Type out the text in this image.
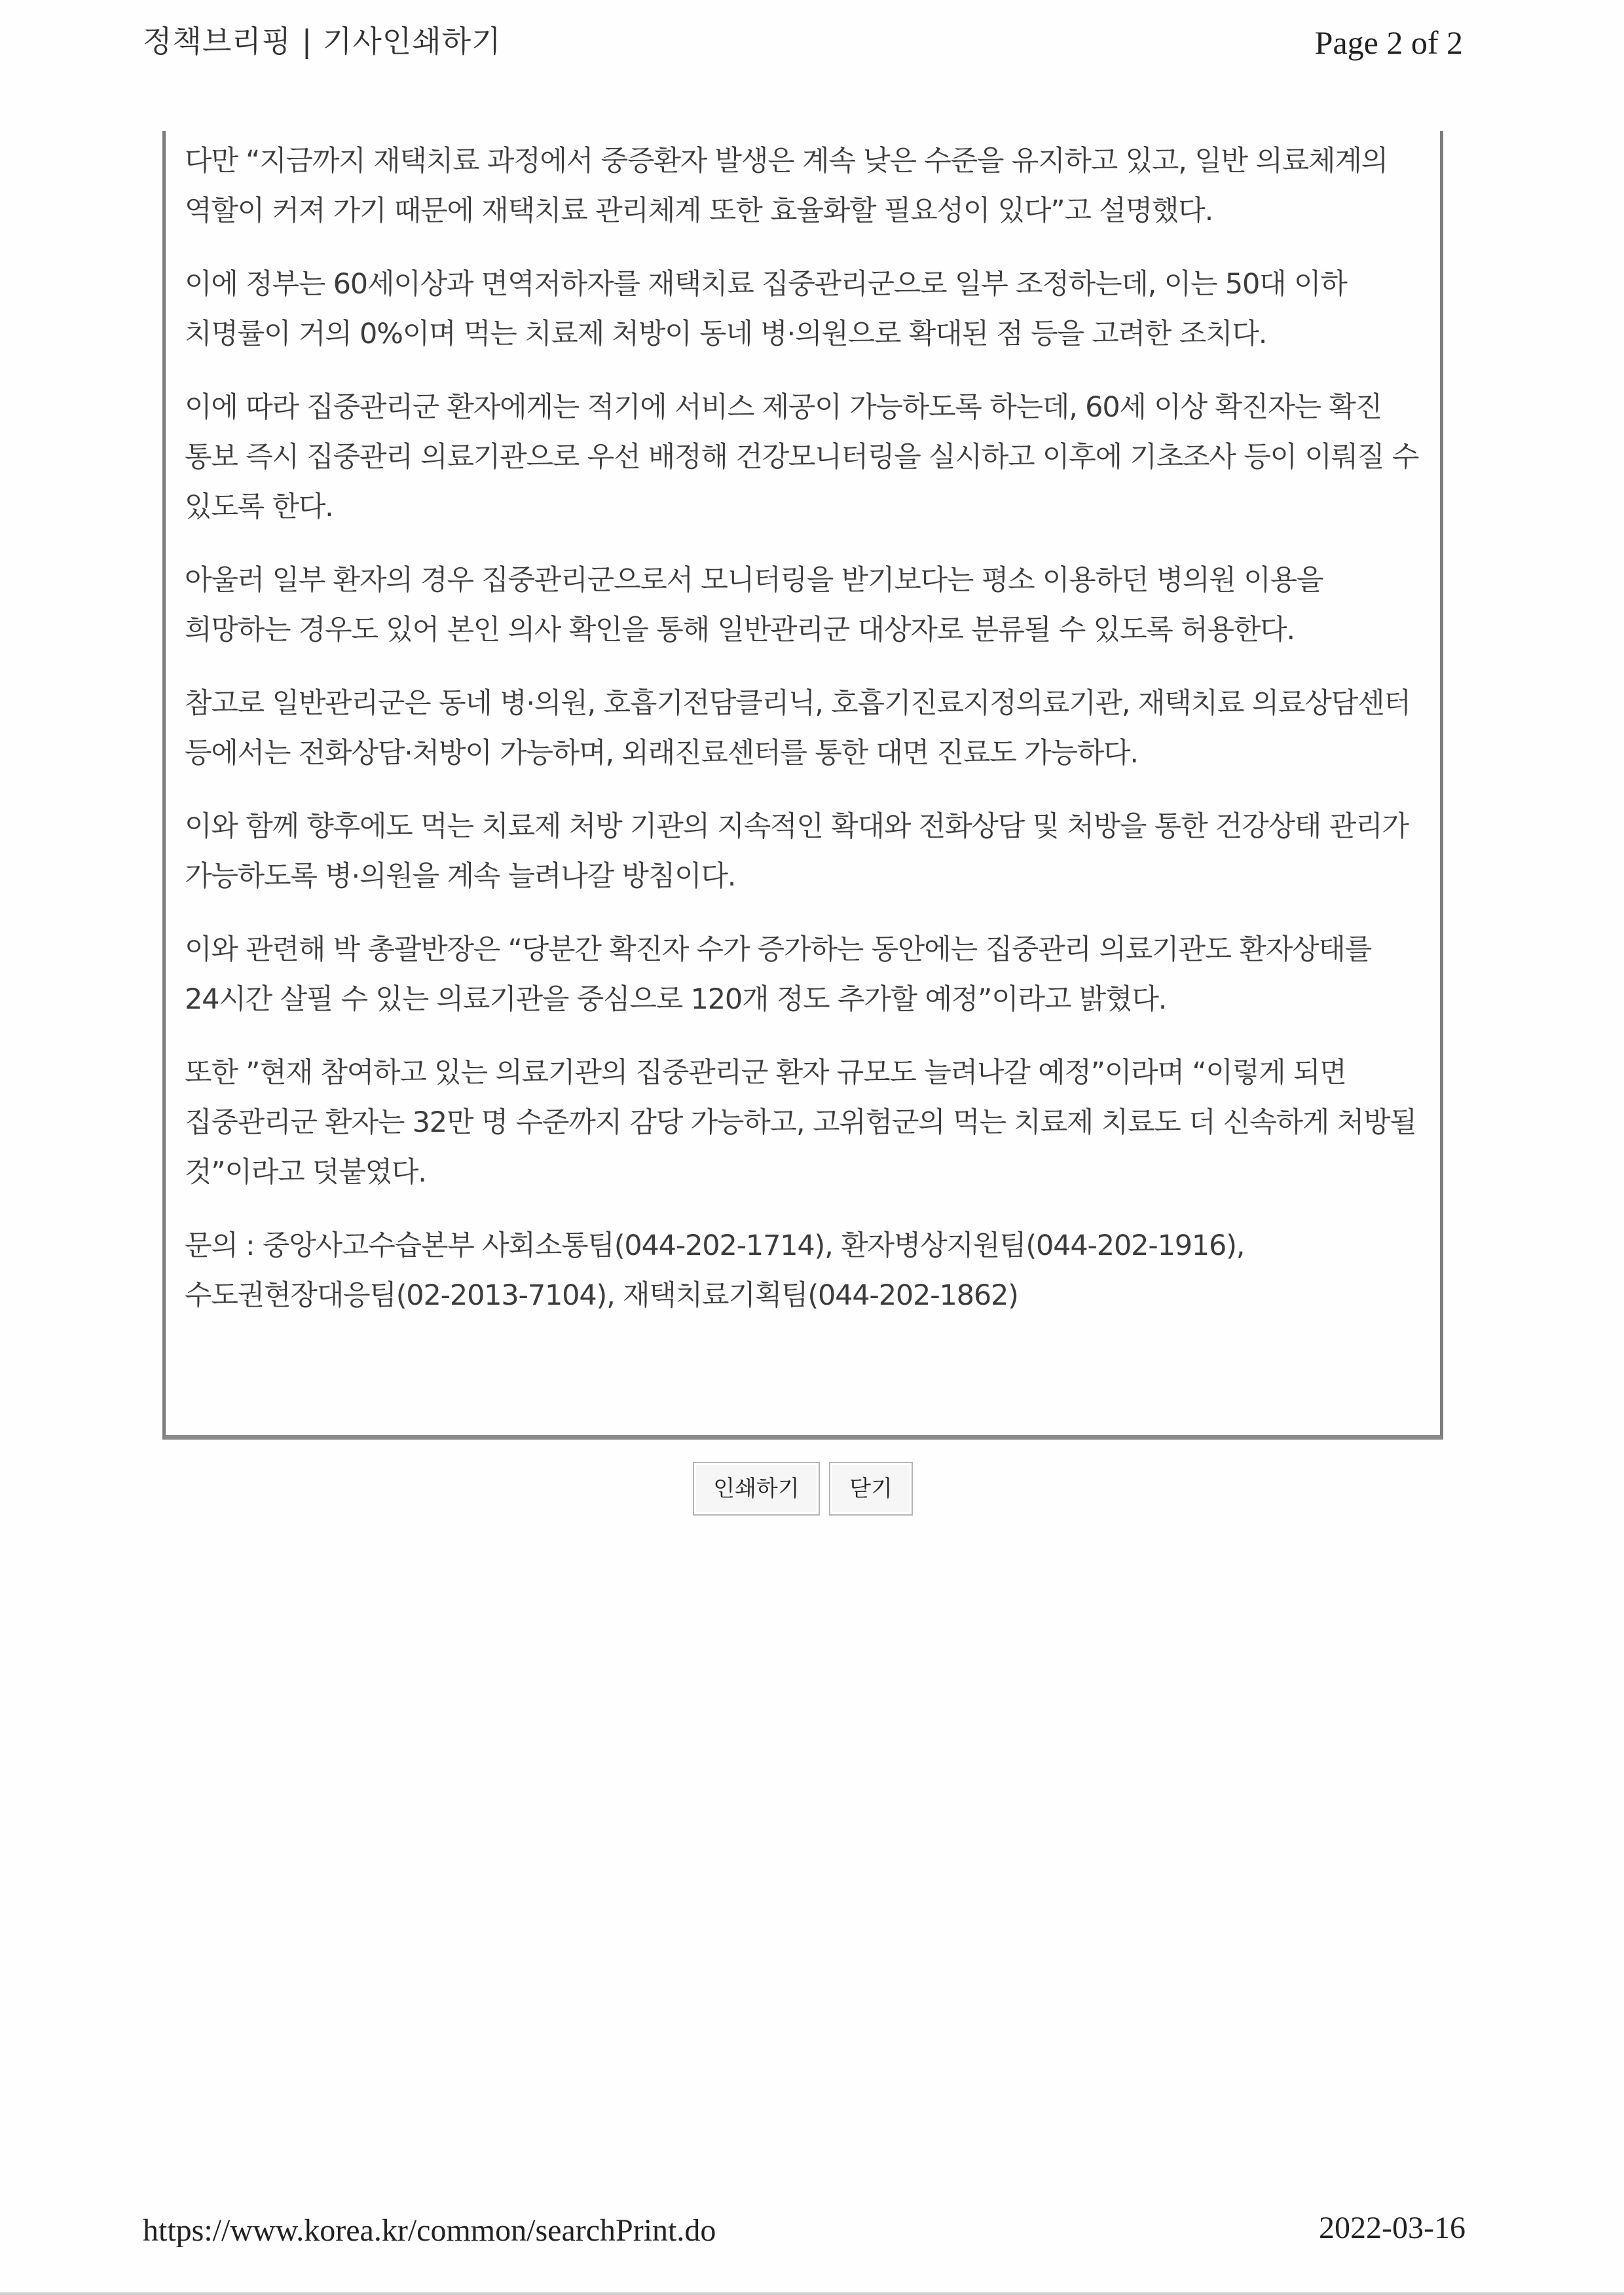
정책브리핑 | 기사인쇄하기	Page 2 of 2

다만 “지금까지 재택치료 과정에서 중증환자 발생은 계속 낮은 수준을 유지하고 있고, 일반 의료체계의 역할이 커져 가기 때문에 재택치료 관리체계 또한 효율화할 필요성이 있다”고 설명했다.

이에 정부는 60세이상과 면역저하자를 재택치료 집중관리군으로 일부 조정하는데, 이는 50대 이하 치명률이 거의 0%이며 먹는 치료제 처방이 동네 병·의원으로 확대된 점 등을 고려한 조치다.

이에 따라 집중관리군 환자에게는 적기에 서비스 제공이 가능하도록 하는데, 60세 이상 확진자는 확진 통보 즉시 집중관리 의료기관으로 우선 배정해 건강모니터링을 실시하고 이후에 기초조사 등이 이뤄질 수 있도록 한다.

아울러 일부 환자의 경우 집중관리군으로서 모니터링을 받기보다는 평소 이용하던 병의원 이용을 희망하는 경우도 있어 본인 의사 확인을 통해 일반관리군 대상자로 분류될 수 있도록 허용한다.

참고로 일반관리군은 동네 병·의원, 호흡기전담클리닉, 호흡기진료지정의료기관, 재택치료 의료상담센터 등에서는 전화상담·처방이 가능하며, 외래진료센터를 통한 대면 진료도 가능하다.

이와 함께 향후에도 먹는 치료제 처방 기관의 지속적인 확대와 전화상담 및 처방을 통한 건강상태 관리가 가능하도록 병·의원을 계속 늘려나갈 방침이다.

이와 관련해 박 총괄반장은 “당분간 확진자 수가 증가하는 동안에는 집중관리 의료기관도 환자상태를 24시간 살필 수 있는 의료기관을 중심으로 120개 정도 추가할 예정”이라고 밝혔다.

또한 ”현재 참여하고 있는 의료기관의 집중관리군 환자 규모도 늘려나갈 예정”이라며 “이렇게 되면 집중관리군 환자는 32만 명 수준까지 감당 가능하고, 고위험군의 먹는 치료제 치료도 더 신속하게 처방될 것”이라고 덧붙였다.

문의 : 중앙사고수습본부 사회소통팀(044-202-1714), 환자병상지원팀(044-202-1916), 수도권현장대응팀(02-2013-7104), 재택치료기획팀(044-202-1862)

인쇄하기	닫기
https://www.korea.kr/common/searchPrint.do	2022-03-16
